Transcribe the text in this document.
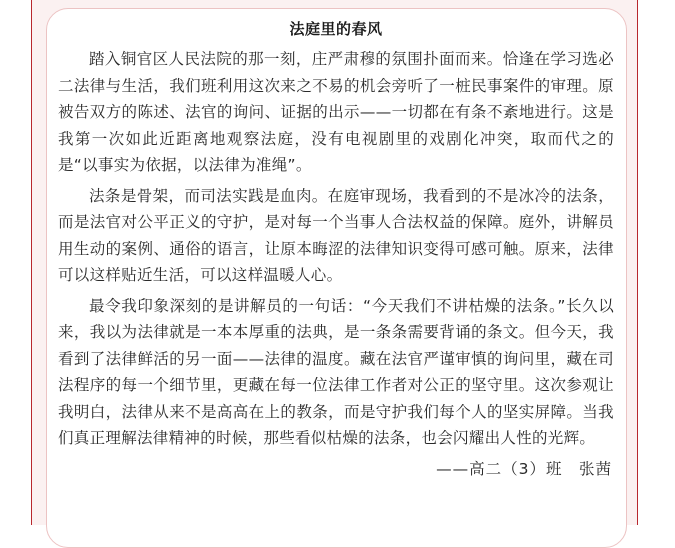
法庭里的春风

踏入铜官区人民法院的那一刻，庄严肃穆的氛围扑面而来。恰逢在学习选必二法律与生活，我们班利用这次来之不易的机会旁听了一桩民事案件的审理。原被告双方的陈述、法官的询问、证据的出示——一切都在有条不紊地进行。这是我第一次如此近距离地观察法庭，没有电视剧里的戏剧化冲突，取而代之的是“以事实为依据，以法律为准绳”。

法条是骨架，而司法实践是血肉。在庭审现场，我看到的不是冰冷的法条，而是法官对公平正义的守护，是对每一个当事人合法权益的保障。庭外，讲解员用生动的案例、通俗的语言，让原本晦涩的法律知识变得可感可触。原来，法律可以这样贴近生活，可以这样温暖人心。

最令我印象深刻的是讲解员的一句话：“今天我们不讲枯燥的法条。”长久以来，我以为法律就是一本本厚重的法典，是一条条需要背诵的条文。但今天，我看到了法律鲜活的另一面——法律的温度。藏在法官严谨审慎的询问里，藏在司法程序的每一个细节里，更藏在每一位法律工作者对公正的坚守里。这次参观让我明白，法律从来不是高高在上的教条，而是守护我们每个人的坚实屏障。当我们真正理解法律精神的时候，那些看似枯燥的法条，也会闪耀出人性的光辉。

——高二（3）班　张茜
